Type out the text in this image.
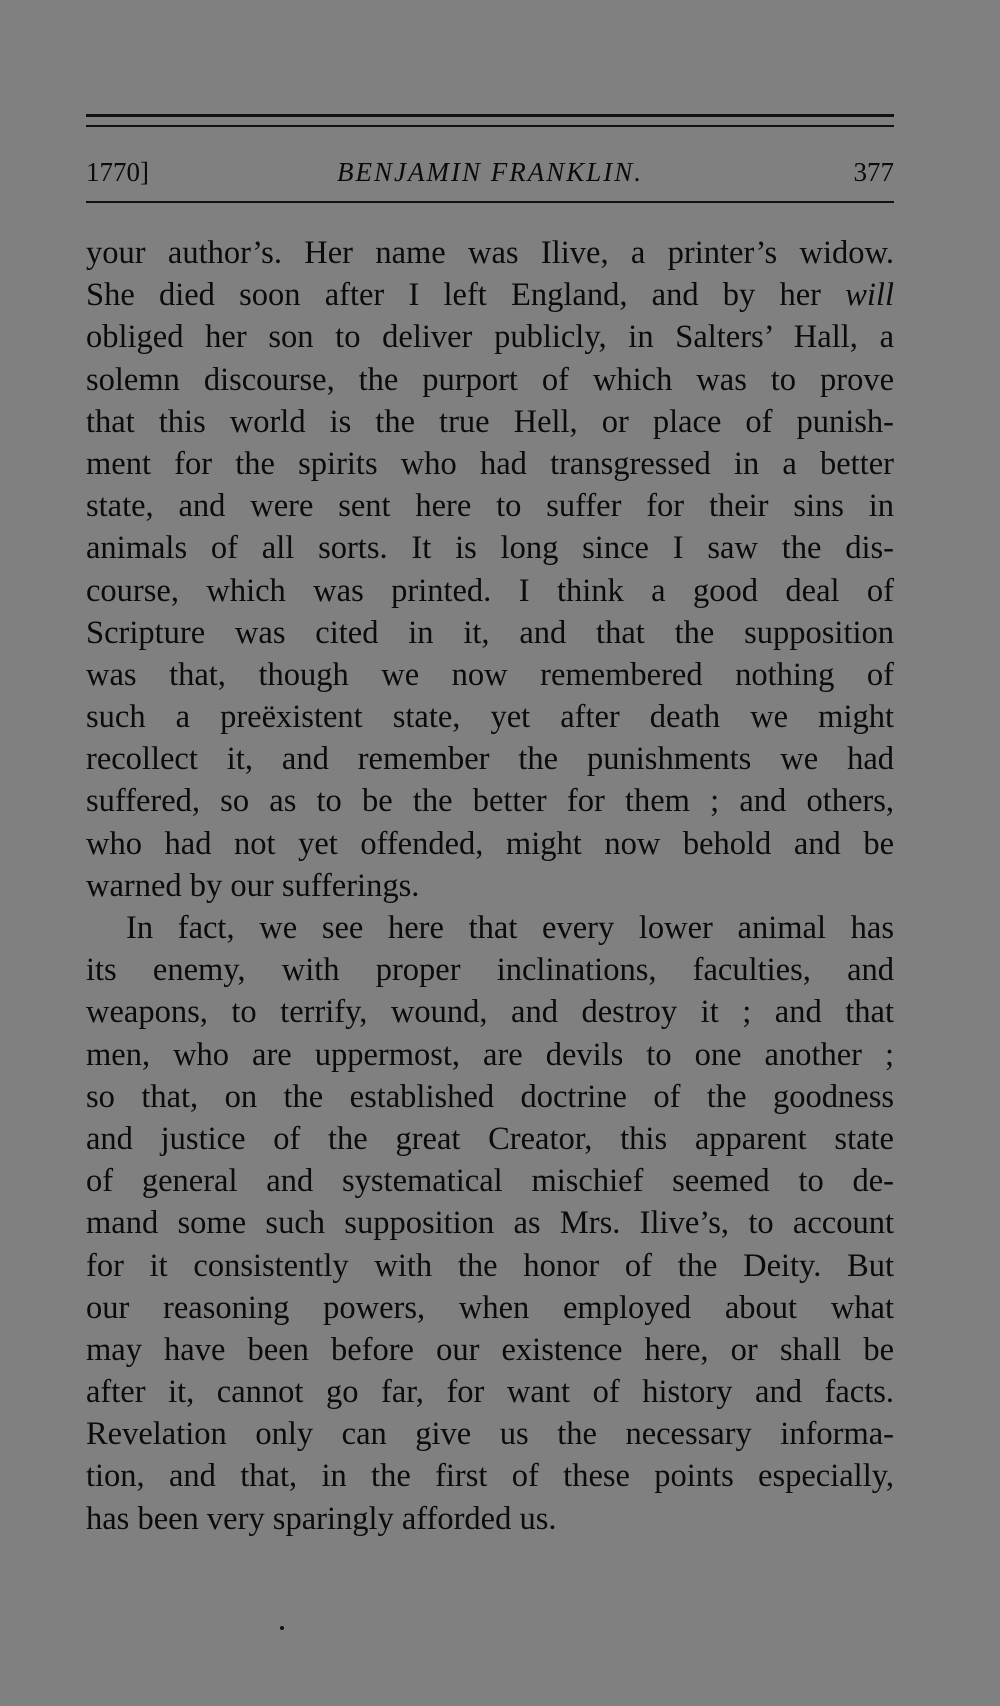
1770]	BENJAMIN FRANKLIN.	377
your author’s. Her name was Ilive, a printer’s widow.
She died soon after I left England, and by her will
obliged her son to deliver publicly, in Salters’ Hall, a
solemn discourse, the purport of which was to prove
that this world is the true Hell, or place of punish-
ment for the spirits who had transgressed in a better
state, and were sent here to suffer for their sins in
animals of all sorts. It is long since I saw the dis-
course, which was printed. I think a good deal of
Scripture was cited in it, and that the supposition
was that, though we now remembered nothing of
such a preëxistent state, yet after death we might
recollect it, and remember the punishments we had
suffered, so as to be the better for them ; and others,
who had not yet offended, might now behold and be
warned by our sufferings.
In fact, we see here that every lower animal has
its enemy, with proper inclinations, faculties, and
weapons, to terrify, wound, and destroy it ; and that
men, who are uppermost, are devils to one another ;
so that, on the established doctrine of the goodness
and justice of the great Creator, this apparent state
of general and systematical mischief seemed to de-
mand some such supposition as Mrs. Ilive’s, to account
for it consistently with the honor of the Deity. But
our reasoning powers, when employed about what
may have been before our existence here, or shall be
after it, cannot go far, for want of history and facts.
Revelation only can give us the necessary informa-
tion, and that, in the first of these points especially,
has been very sparingly afforded us.
